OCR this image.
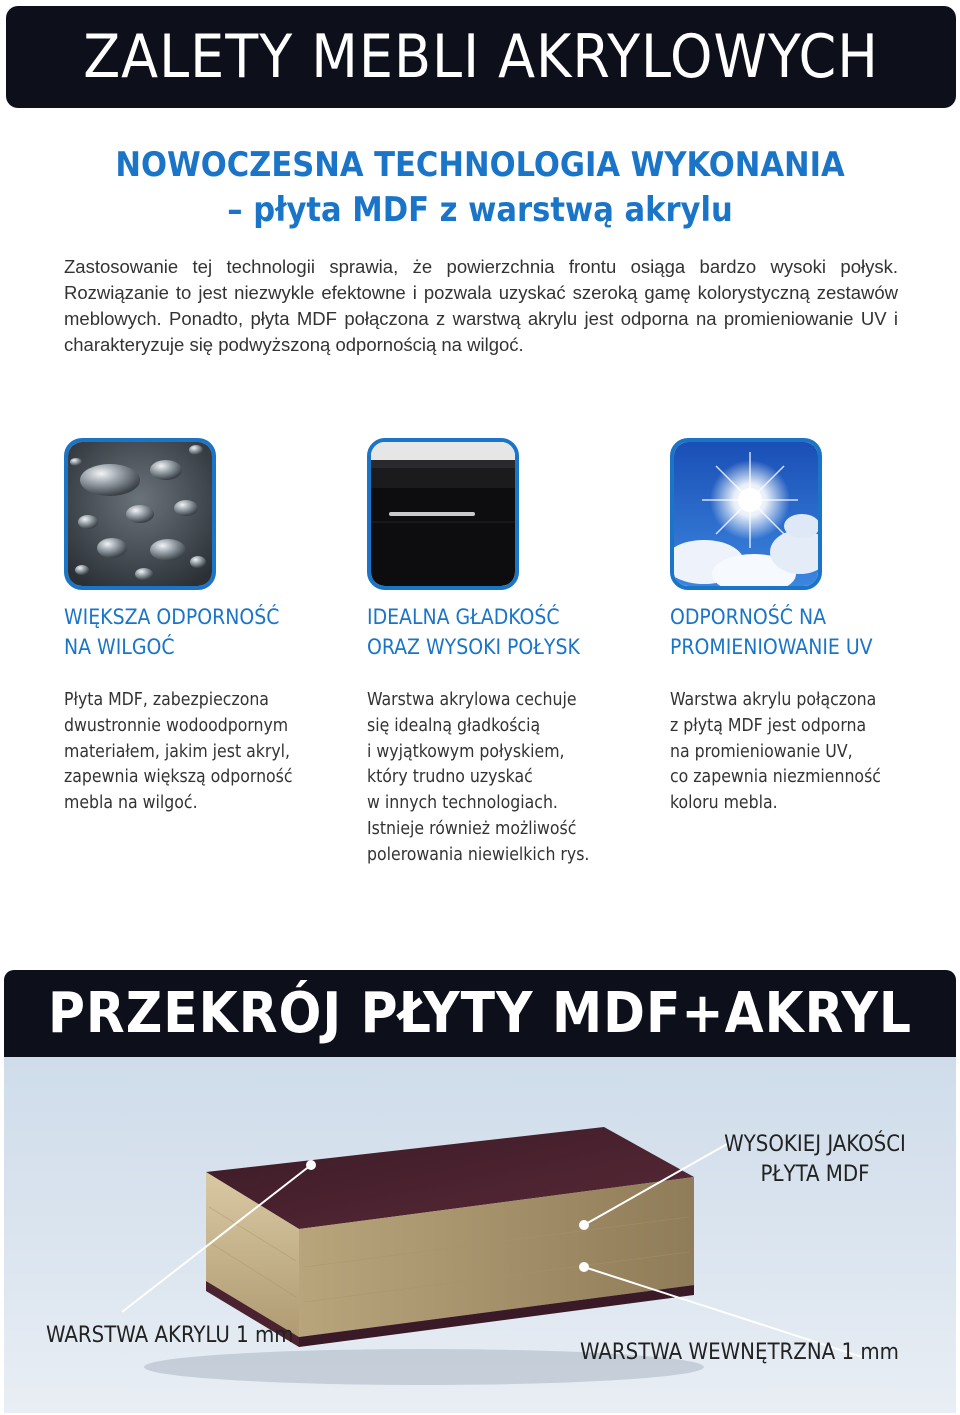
ZALETY MEBLI AKRYLOWYCH
NOWOCZESNA TECHNOLOGIA WYKONANIA
– płyta MDF z warstwą akrylu

Zastosowanie tej technologii sprawia, że powierzchnia frontu osiąga bardzo wysoki połysk. Rozwiązanie to jest niezwykle efektowne i pozwala uzyskać szeroką gamę kolorystyczną zestawów meblowych. Ponadto, płyta MDF połączona z warstwą akrylu jest odporna na promieniowanie UV i charakteryzuje się podwyższoną odpornością na wilgoć.

WIĘKSZA ODPORNOŚĆ
NA WILGOĆ
IDEALNA GŁADKOŚĆ
ORAZ WYSOKI POŁYSK
ODPORNOŚĆ NA
PROMIENIOWANIE UV
Płyta MDF, zabezpieczona
dwustronnie wodoodpornym
materiałem, jakim jest akryl,
zapewnia większą odporność
mebla na wilgoć.
Warstwa akrylowa cechuje
się idealną gładkością
i wyjątkowym połyskiem,
który trudno uzyskać
w innych technologiach.
Istnieje również możliwość
polerowania niewielkich rys.
Warstwa akrylu połączona
z płytą MDF jest odporna
na promieniowanie UV,
co zapewnia niezmienność
koloru mebla.
PRZEKRÓJ PŁYTY MDF+AKRYL
WYSOKIEJ JAKOŚCI
PŁYTA MDF
WARSTWA AKRYLU 1 mm
WARSTWA WEWNĘTRZNA 1 mm
